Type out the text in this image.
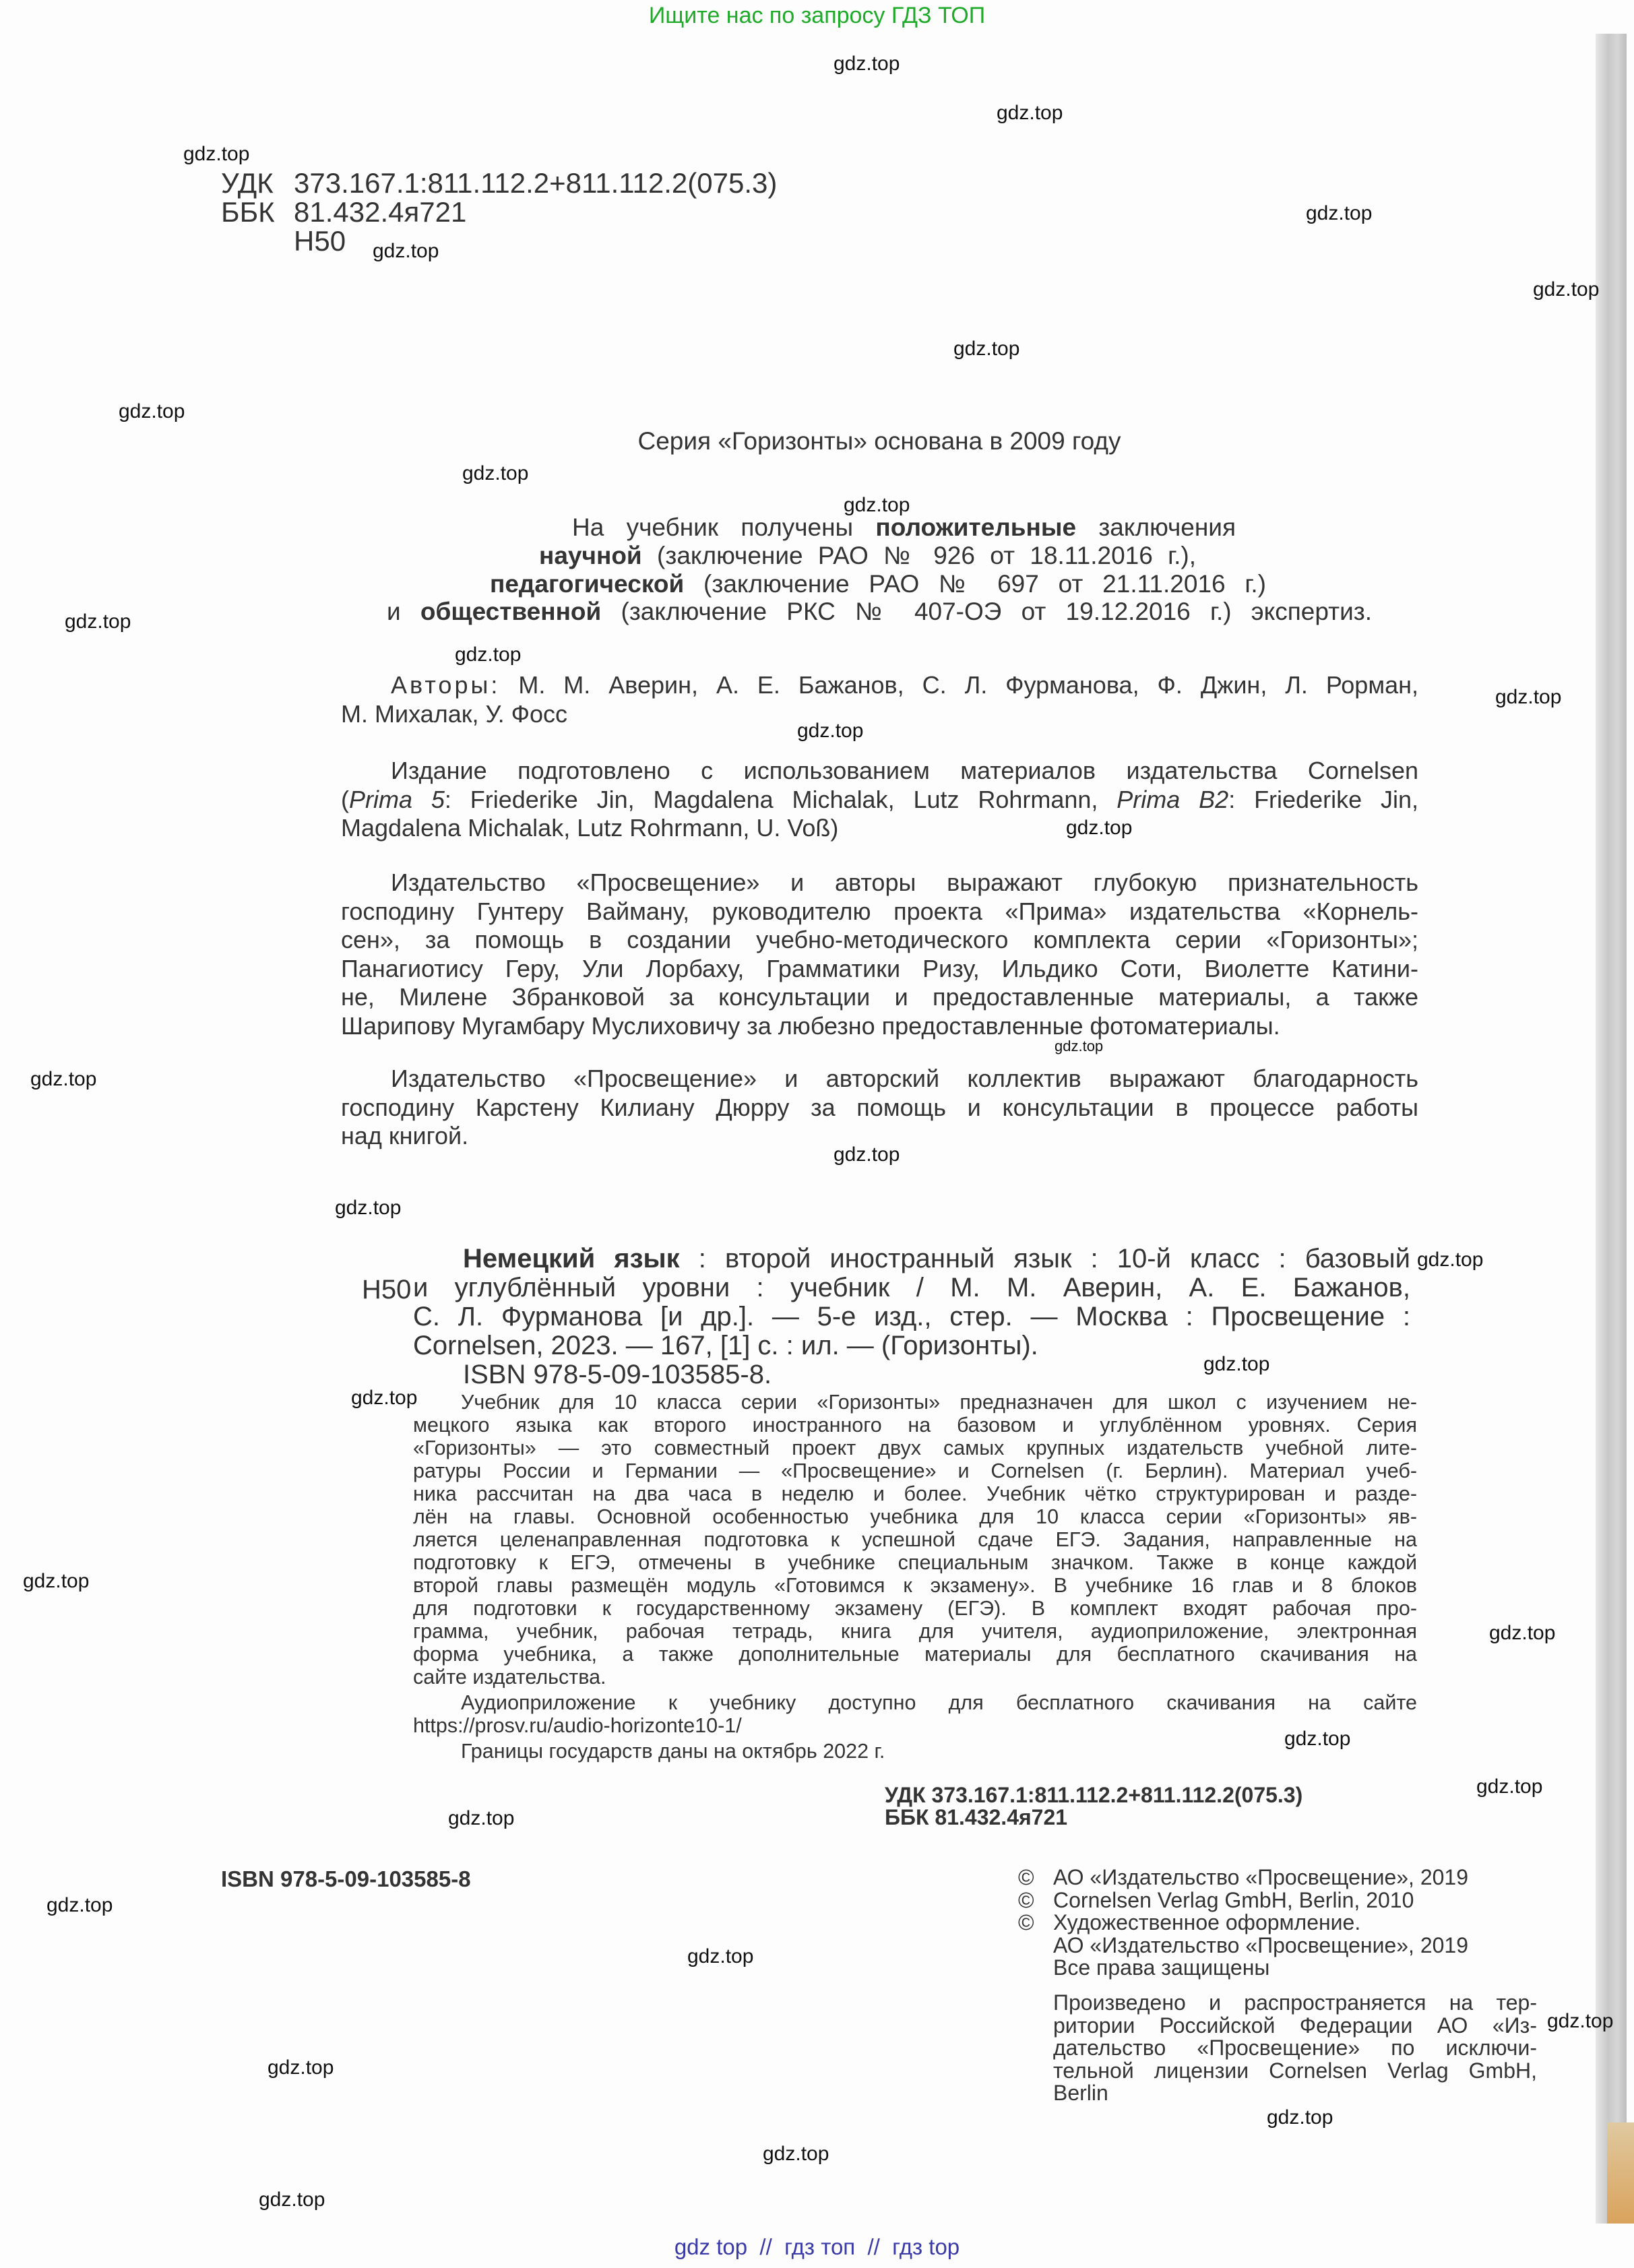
Ищите нас по запросу ГДЗ ТОП
УДК 373.167.1:811.112.2+811.112.2(075.3)
ББК 81.432.4я721
Н50
Серия «Горизонты» основана в 2009 году
На учебник получены положительные заключения
научной (заключение РАО № 926 от 18.11.2016 г.),
педагогической (заключение РАО № 697 от 21.11.2016 г.)
и общественной (заключение РКС № 407-ОЭ от 19.12.2016 г.) экспертиз.
Авторы: М. М. Аверин, А. Е. Бажанов, С. Л. Фурманова, Ф. Джин, Л. Рорман,
М. Михалак, У. Фосс
Издание подготовлено с использованием материалов издательства Cornelsen
(Prima 5: Friederike Jin, Magdalena Michalak, Lutz Rohrmann, Prima B2: Friederike Jin,
Magdalena Michalak, Lutz Rohrmann, U. Voß)
Издательство «Просвещение» и авторы выражают глубокую признательность
господину Гунтеру Вайману, руководителю проекта «Прима» издательства «Корнель-
сен», за помощь в создании учебно-методического комплекта серии «Горизонты»;
Панагиотису Геру, Ули Лорбаху, Грамматики Ризу, Ильдико Соти, Виолетте Катини-
не, Милене Збранковой за консультации и предоставленные материалы, а также
Шарипову Мугамбару Муслиховичу за любезно предоставленные фотоматериалы.
Издательство «Просвещение» и авторский коллектив выражают благодарность
господину Карстену Килиану Дюрру за помощь и консультации в процессе работы
над книгой.
Н50
Немецкий язык : второй иностранный язык : 10-й класс : базовый
и углублённый уровни : учебник / М. М. Аверин, А. Е. Бажанов,
С. Л. Фурманова [и др.]. — 5-е изд., стер. — Москва : Просвещение :
Cornelsen, 2023. — 167, [1] с. : ил. — (Горизонты).
ISBN 978-5-09-103585-8.
Учебник для 10 класса серии «Горизонты» предназначен для школ с изучением не-
мецкого языка как второго иностранного на базовом и углублённом уровнях. Серия
«Горизонты» — это совместный проект двух самых крупных издательств учебной лите-
ратуры России и Германии — «Просвещение» и Cornelsen (г. Берлин). Материал учеб-
ника рассчитан на два часа в неделю и более. Учебник чётко структурирован и разде-
лён на главы. Основной особенностью учебника для 10 класса серии «Горизонты» яв-
ляется целенаправленная подготовка к успешной сдаче ЕГЭ. Задания, направленные на
подготовку к ЕГЭ, отмечены в учебнике специальным значком. Также в конце каждой
второй главы размещён модуль «Готовимся к экзамену». В учебнике 16 глав и 8 блоков
для подготовки к государственному экзамену (ЕГЭ). В комплект входят рабочая про-
грамма, учебник, рабочая тетрадь, книга для учителя, аудиоприложение, электронная
форма учебника, а также дополнительные материалы для бесплатного скачивания на
сайте издательства.
Аудиоприложение к учебнику доступно для бесплатного скачивания на сайте
https://prosv.ru/audio-horizonte10-1/
Границы государств даны на октябрь 2022 г.
УДК 373.167.1:811.112.2+811.112.2(075.3)
ББК 81.432.4я721
ISBN 978-5-09-103585-8	© АО «Издательство «Просвещение», 2019
© Cornelsen Verlag GmbH, Berlin, 2010
© Художественное оформление.
АО «Издательство «Просвещение», 2019
Все права защищены
Произведено и распространяется на тер-
ритории Российской Федерации АО «Из-
дательство «Просвещение» по исключи-
тельной лицензии Cornelsen Verlag GmbH,
Berlin
gdz.top
gdz.top
gdz.top
gdz.top
gdz.top
gdz.top
gdz.top
gdz.top
gdz.top
gdz.top
gdz.top
gdz.top
gdz.top
gdz.top
gdz.top
gdz.top
gdz.top
gdz.top
gdz.top
gdz.top
gdz.top
gdz.top
gdz.top
gdz.top
gdz.top
gdz.top
gdz.top
gdz.top
gdz.top
gdz.top
gdz.top
gdz.top
gdz.top
gdz.top
gdz top  //  гдз топ  //  гдз top
